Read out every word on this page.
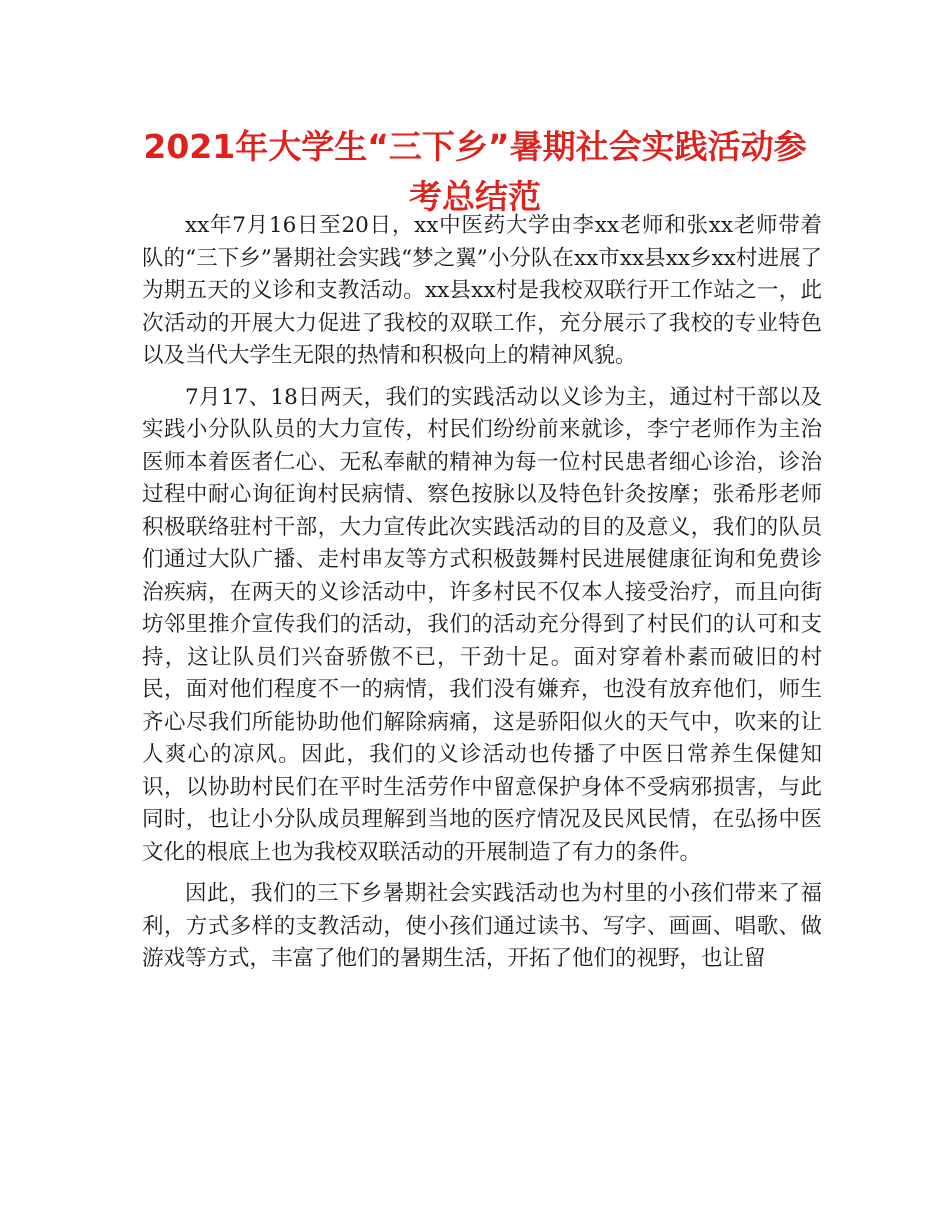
2021年大学生“三下乡”暑期社会实践活动参考总结范

xx年7月16日至20日，xx中医药大学由李xx老师和张xx老师带着队的“三下乡”暑期社会实践“梦之翼”小分队在xx市xx县xx乡xx村进展了为期五天的义诊和支教活动。xx县xx村是我校双联行开工作站之一，此次活动的开展大力促进了我校的双联工作，充分展示了我校的专业特色以及当代大学生无限的热情和积极向上的精神风貌。

7月17、18日两天，我们的实践活动以义诊为主，通过村干部以及实践小分队队员的大力宣传，村民们纷纷前来就诊，李宁老师作为主治医师本着医者仁心、无私奉献的精神为每一位村民患者细心诊治，诊治过程中耐心询征询村民病情、察色按脉以及特色针灸按摩；张希彤老师积极联络驻村干部，大力宣传此次实践活动的目的及意义，我们的队员们通过大队广播、走村串友等方式积极鼓舞村民进展健康征询和免费诊治疾病，在两天的义诊活动中，许多村民不仅本人接受治疗，而且向街坊邻里推介宣传我们的活动，我们的活动充分得到了村民们的认可和支持，这让队员们兴奋骄傲不已，干劲十足。面对穿着朴素而破旧的村民，面对他们程度不一的病情，我们没有嫌弃，也没有放弃他们，师生齐心尽我们所能协助他们解除病痛，这是骄阳似火的天气中，吹来的让人爽心的凉风。因此，我们的义诊活动也传播了中医日常养生保健知识，以协助村民们在平时生活劳作中留意保护身体不受病邪损害，与此同时，也让小分队成员理解到当地的医疗情况及民风民情，在弘扬中医文化的根底上也为我校双联活动的开展制造了有力的条件。

因此，我们的三下乡暑期社会实践活动也为村里的小孩们带来了福利，方式多样的支教活动，使小孩们通过读书、写字、画画、唱歌、做游戏等方式，丰富了他们的暑期生活，开拓了他们的视野，也让留
